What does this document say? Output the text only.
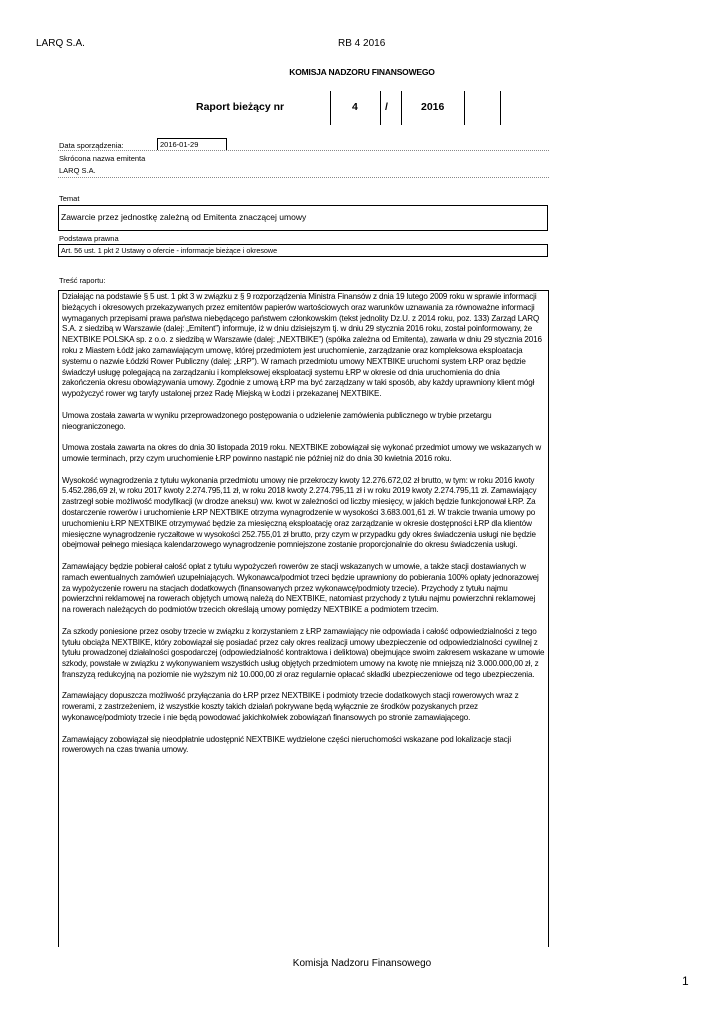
LARQ S.A.	RB 4 2016
KOMISJA NADZORU FINANSOWEGO
Raport bieżący nr	4	/	2016
Data sporządzenia:	2016-01-29
Skrócona nazwa emitenta
LARQ S.A.
Temat
Zawarcie przez jednostkę zależną od Emitenta znaczącej umowy
Podstawa prawna
Art. 56 ust. 1 pkt 2 Ustawy o ofercie - informacje bieżące i okresowe
Treść raportu:

Działając na podstawie § 5 ust. 1 pkt 3 w związku z § 9 rozporządzenia Ministra Finansów z dnia 19 lutego 2009 roku w sprawie informacji bieżących i okresowych przekazywanych przez emitentów papierów wartościowych oraz warunków uznawania za równoważne informacji wymaganych przepisami prawa państwa niebędącego państwem członkowskim (tekst jednolity Dz.U. z 2014 roku, poz. 133) Zarząd LARQ S.A. z siedzibą w Warszawie (dalej: „Emitent”) informuje, iż w dniu dzisiejszym tj. w dniu 29 stycznia 2016 roku, został poinformowany, że NEXTBIKE POLSKA sp. z o.o. z siedzibą w Warszawie (dalej: „NEXTBIKE”) (spółka zależna od Emitenta), zawarła w dniu 29 stycznia 2016 roku z Miastem Łódź jako zamawiającym umowę, której przedmiotem jest uruchomienie, zarządzanie oraz kompleksowa eksploatacja systemu o nazwie Łódzki Rower Publiczny (dalej: „ŁRP”). W ramach przedmiotu umowy NEXTBIKE uruchomi system ŁRP oraz będzie świadczył usługę polegającą na zarządzaniu i kompleksowej eksploatacji systemu ŁRP w okresie od dnia uruchomienia do dnia zakończenia okresu obowiązywania umowy. Zgodnie z umową ŁRP ma być zarządzany w taki sposób, aby każdy uprawniony klient mógł wypożyczyć rower wg taryfy ustalonej przez Radę Miejską w Łodzi i przekazanej NEXTBIKE.

Umowa została zawarta w wyniku przeprowadzonego postępowania o udzielenie zamówienia publicznego w trybie przetargu nieograniczonego.

Umowa została zawarta na okres do dnia 30 listopada 2019 roku. NEXTBIKE zobowiązał się wykonać przedmiot umowy we wskazanych w umowie terminach, przy czym uruchomienie ŁRP powinno nastąpić nie później niż do dnia 30 kwietnia 2016 roku.

Wysokość wynagrodzenia z tytułu wykonania przedmiotu umowy nie przekroczy kwoty 12.276.672,02 zł brutto, w tym: w roku 2016 kwoty 5.452.286,69 zł, w roku 2017 kwoty 2.274.795,11 zł, w roku 2018 kwoty 2.274.795,11 zł i w roku 2019 kwoty 2.274.795,11 zł. Zamawiający zastrzegł sobie możliwość modyfikacji (w drodze aneksu) ww. kwot w zależności od liczby miesięcy, w jakich będzie funkcjonował ŁRP. Za dostarczenie rowerów i uruchomienie ŁRP NEXTBIKE otrzyma wynagrodzenie w wysokości 3.683.001,61 zł. W trakcie trwania umowy po uruchomieniu ŁRP NEXTBIKE otrzymywać będzie za miesięczną eksploatację oraz zarządzanie w okresie dostępności ŁRP dla klientów miesięczne wynagrodzenie ryczałtowe w wysokości 252.755,01 zł brutto, przy czym w przypadku gdy okres świadczenia usługi nie będzie obejmował pełnego miesiąca kalendarzowego wynagrodzenie pomniejszone zostanie proporcjonalnie do okresu świadczenia usługi.

Zamawiający będzie pobierał całość opłat z tytułu wypożyczeń rowerów ze stacji wskazanych w umowie, a także stacji dostawianych w ramach ewentualnych zamówień uzupełniających. Wykonawca/podmiot trzeci będzie uprawniony do pobierania 100% opłaty jednorazowej za wypożyczenie roweru na stacjach dodatkowych (finansowanych przez wykonawcę/podmioty trzecie). Przychody z tytułu najmu powierzchni reklamowej na rowerach objętych umową należą do NEXTBIKE, natomiast przychody z tytułu najmu powierzchni reklamowej na rowerach należących do podmiotów trzecich określają umowy pomiędzy NEXTBIKE a podmiotem trzecim.

Za szkody poniesione przez osoby trzecie w związku z korzystaniem z ŁRP zamawiający nie odpowiada i całość odpowiedzialności z tego tytułu obciąża NEXTBIKE, który zobowiązał się posiadać przez cały okres realizacji umowy ubezpieczenie od odpowiedzialności cywilnej z tytułu prowadzonej działalności gospodarczej (odpowiedzialność kontraktowa i deliktowa) obejmujące swoim zakresem wskazane w umowie szkody, powstałe w związku z wykonywaniem wszystkich usług objętych przedmiotem umowy na kwotę nie mniejszą niż 3.000.000,00 zł, z franszyzą redukcyjną na poziomie nie wyższym niż 10.000,00 zł oraz regularnie opłacać składki ubezpieczeniowe od tego ubezpieczenia.

Zamawiający dopuszcza możliwość przyłączania do ŁRP przez NEXTBIKE i podmioty trzecie dodatkowych stacji rowerowych wraz z rowerami, z zastrzeżeniem, iż wszystkie koszty takich działań pokrywane będą wyłącznie ze środków pozyskanych przez wykonawcę/podmioty trzecie i nie będą powodować jakichkolwiek zobowiązań finansowych po stronie zamawiającego.

Zamawiający zobowiązał się nieodpłatnie udostępnić NEXTBIKE wydzielone części nieruchomości wskazane pod lokalizacje stacji rowerowych na czas trwania umowy.

Komisja Nadzoru Finansowego
1
